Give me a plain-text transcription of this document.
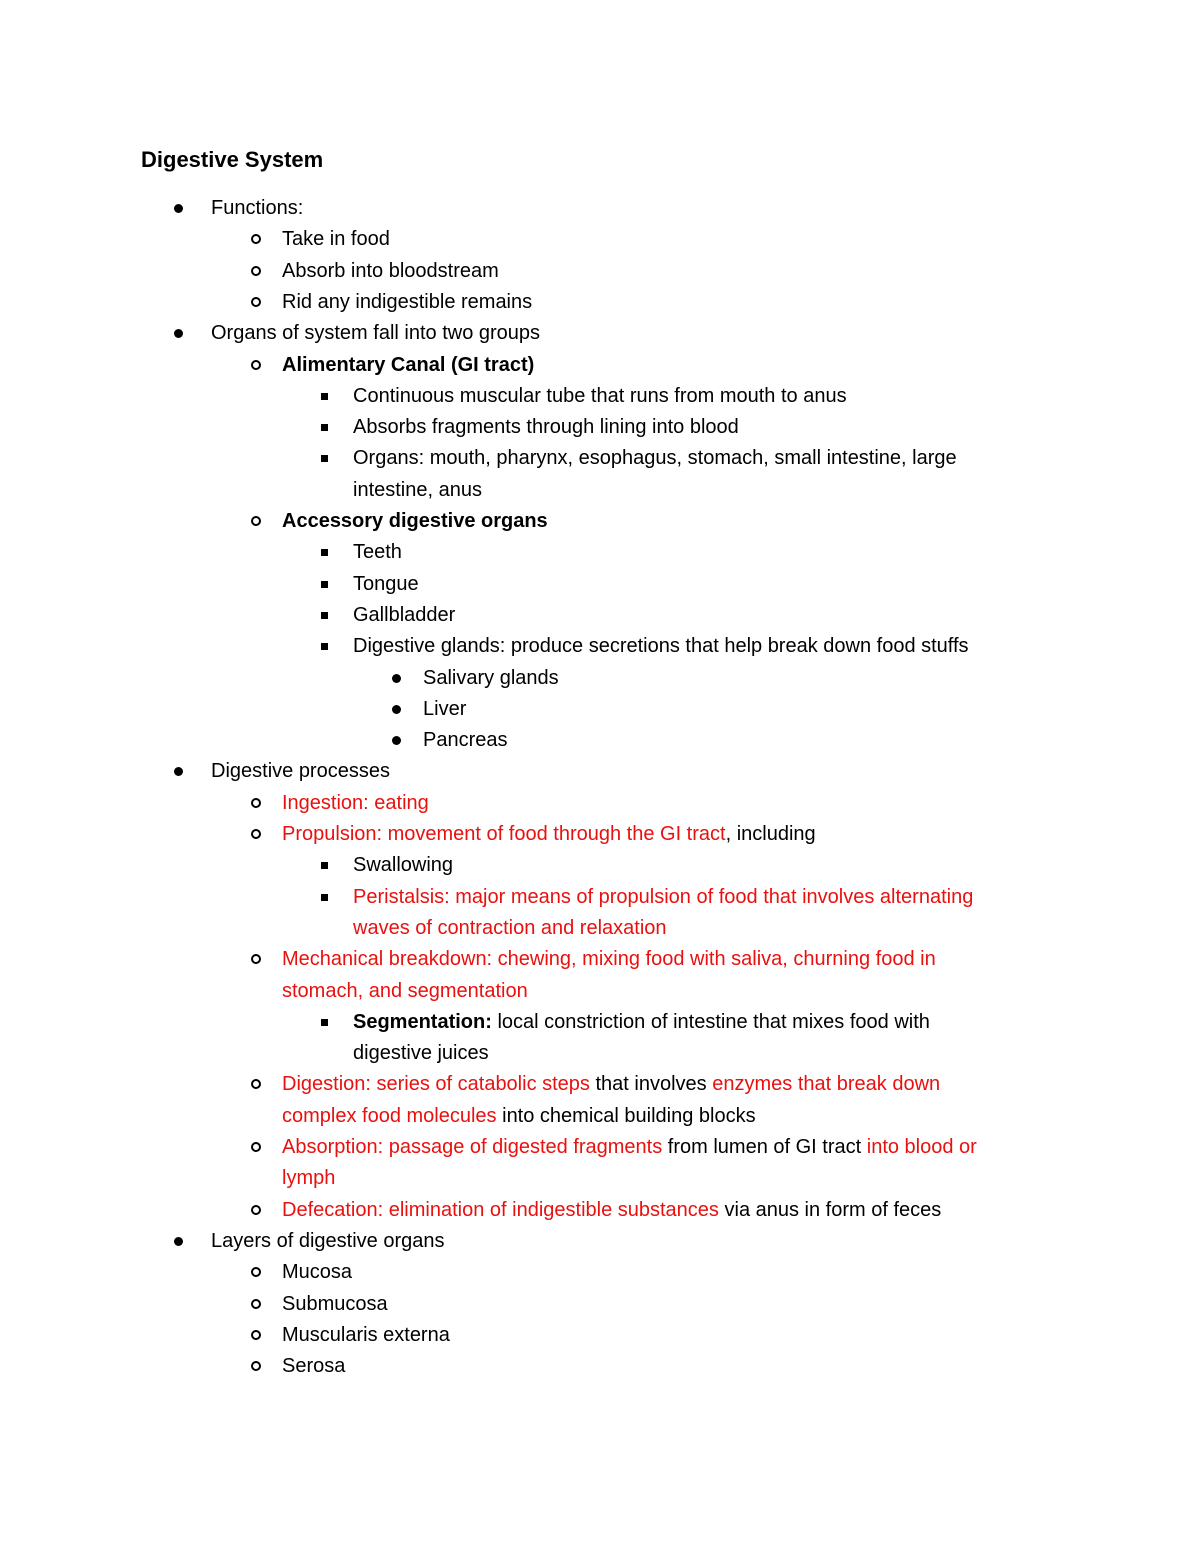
Digestive System
Functions:
Take in food
Absorb into bloodstream
Rid any indigestible remains
Organs of system fall into two groups
Alimentary Canal (GI tract)
Continuous muscular tube that runs from mouth to anus
Absorbs fragments through lining into blood
Organs: mouth, pharynx, esophagus, stomach, small intestine, large
intestine, anus
Accessory digestive organs
Teeth
Tongue
Gallbladder
Digestive glands: produce secretions that help break down food stuffs
Salivary glands
Liver
Pancreas
Digestive processes
Ingestion: eating
Propulsion: movement of food through the GI tract, including
Swallowing
Peristalsis: major means of propulsion of food that involves alternating
waves of contraction and relaxation
Mechanical breakdown: chewing, mixing food with saliva, churning food in
stomach, and segmentation
Segmentation: local constriction of intestine that mixes food with
digestive juices
Digestion: series of catabolic steps that involves enzymes that break down
complex food molecules into chemical building blocks
Absorption: passage of digested fragments from lumen of GI tract into blood or
lymph
Defecation: elimination of indigestible substances via anus in form of feces
Layers of digestive organs
Mucosa
Submucosa
Muscularis externa
Serosa
